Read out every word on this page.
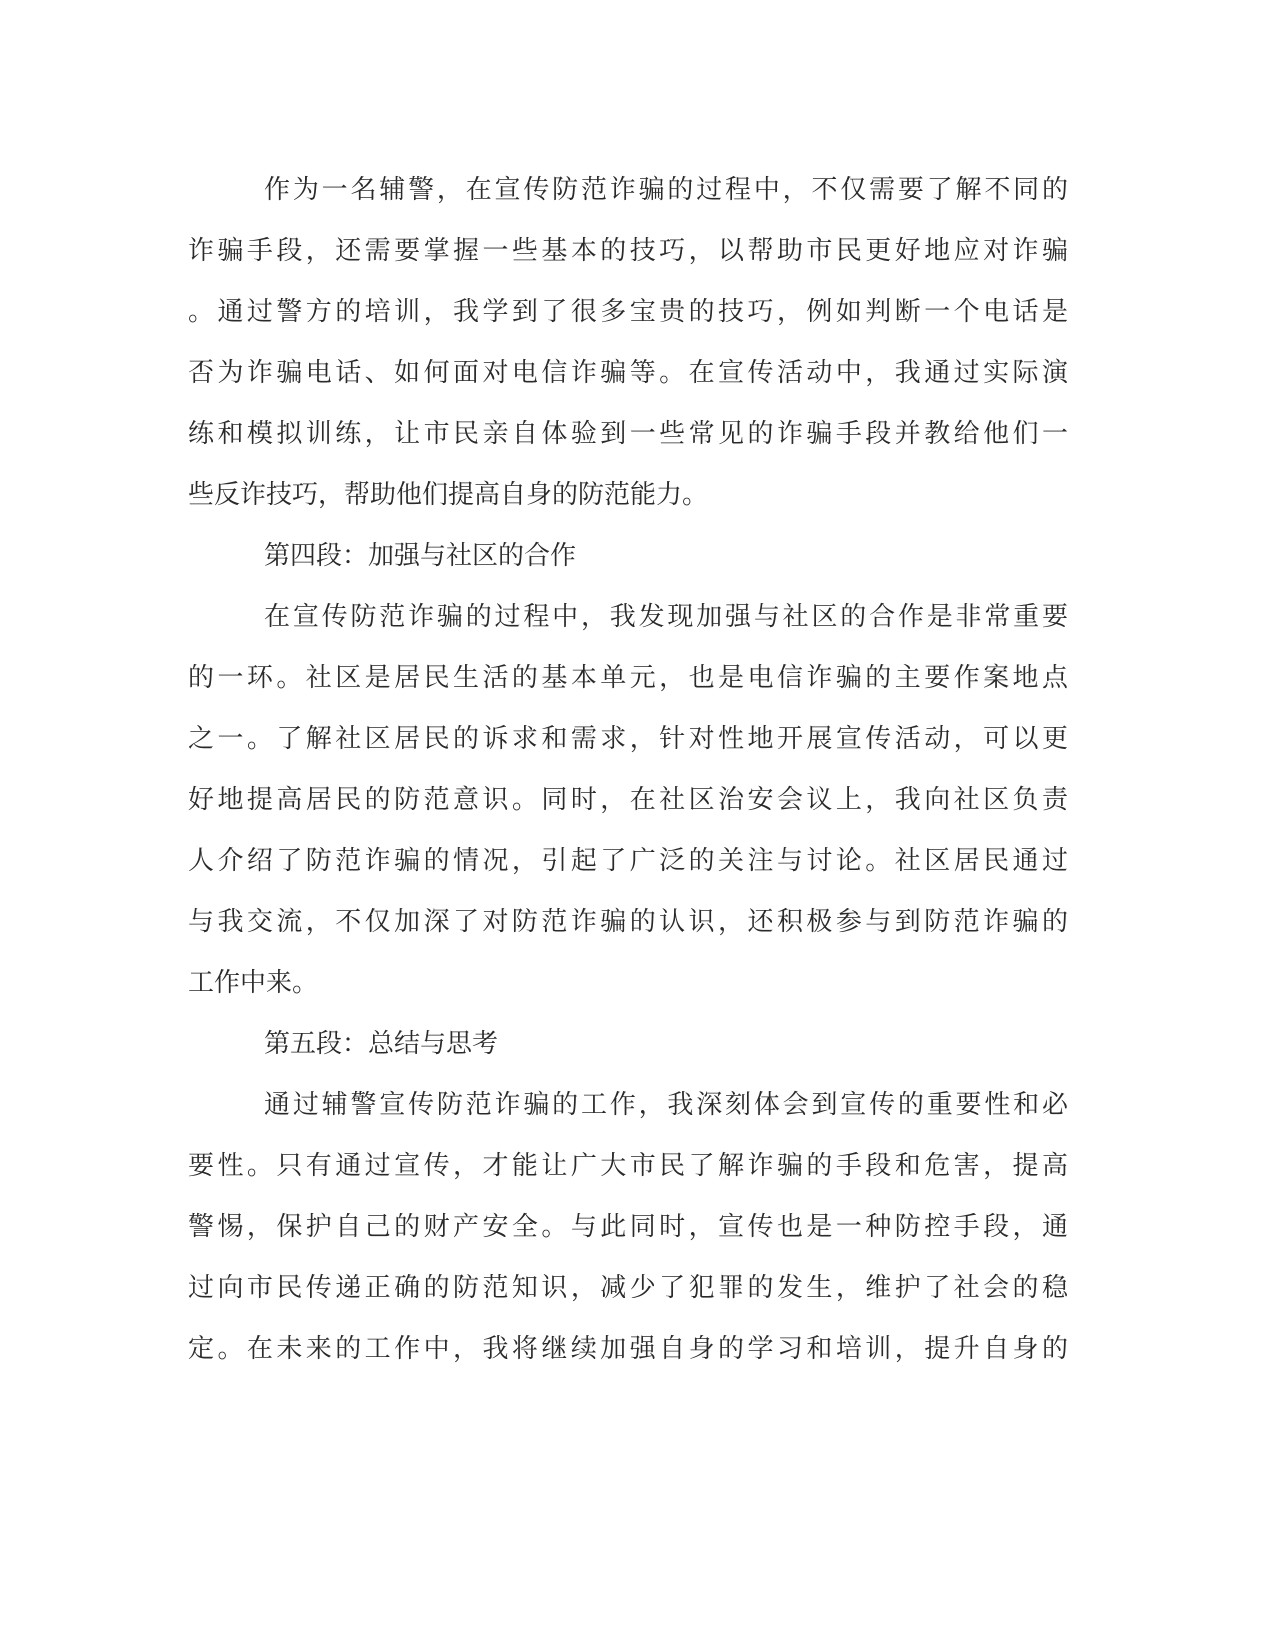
作为一名辅警，在宣传防范诈骗的过程中，不仅需要了解不同的
诈骗手段，还需要掌握一些基本的技巧，以帮助市民更好地应对诈骗
。通过警方的培训，我学到了很多宝贵的技巧，例如判断一个电话是
否为诈骗电话、如何面对电信诈骗等。在宣传活动中，我通过实际演
练和模拟训练，让市民亲自体验到一些常见的诈骗手段并教给他们一
些反诈技巧，帮助他们提高自身的防范能力。
第四段：加强与社区的合作
在宣传防范诈骗的过程中，我发现加强与社区的合作是非常重要
的一环。社区是居民生活的基本单元，也是电信诈骗的主要作案地点
之一。了解社区居民的诉求和需求，针对性地开展宣传活动，可以更
好地提高居民的防范意识。同时，在社区治安会议上，我向社区负责
人介绍了防范诈骗的情况，引起了广泛的关注与讨论。社区居民通过
与我交流，不仅加深了对防范诈骗的认识，还积极参与到防范诈骗的
工作中来。
第五段：总结与思考
通过辅警宣传防范诈骗的工作，我深刻体会到宣传的重要性和必
要性。只有通过宣传，才能让广大市民了解诈骗的手段和危害，提高
警惕，保护自己的财产安全。与此同时，宣传也是一种防控手段，通
过向市民传递正确的防范知识，减少了犯罪的发生，维护了社会的稳
定。在未来的工作中，我将继续加强自身的学习和培训，提升自身的
